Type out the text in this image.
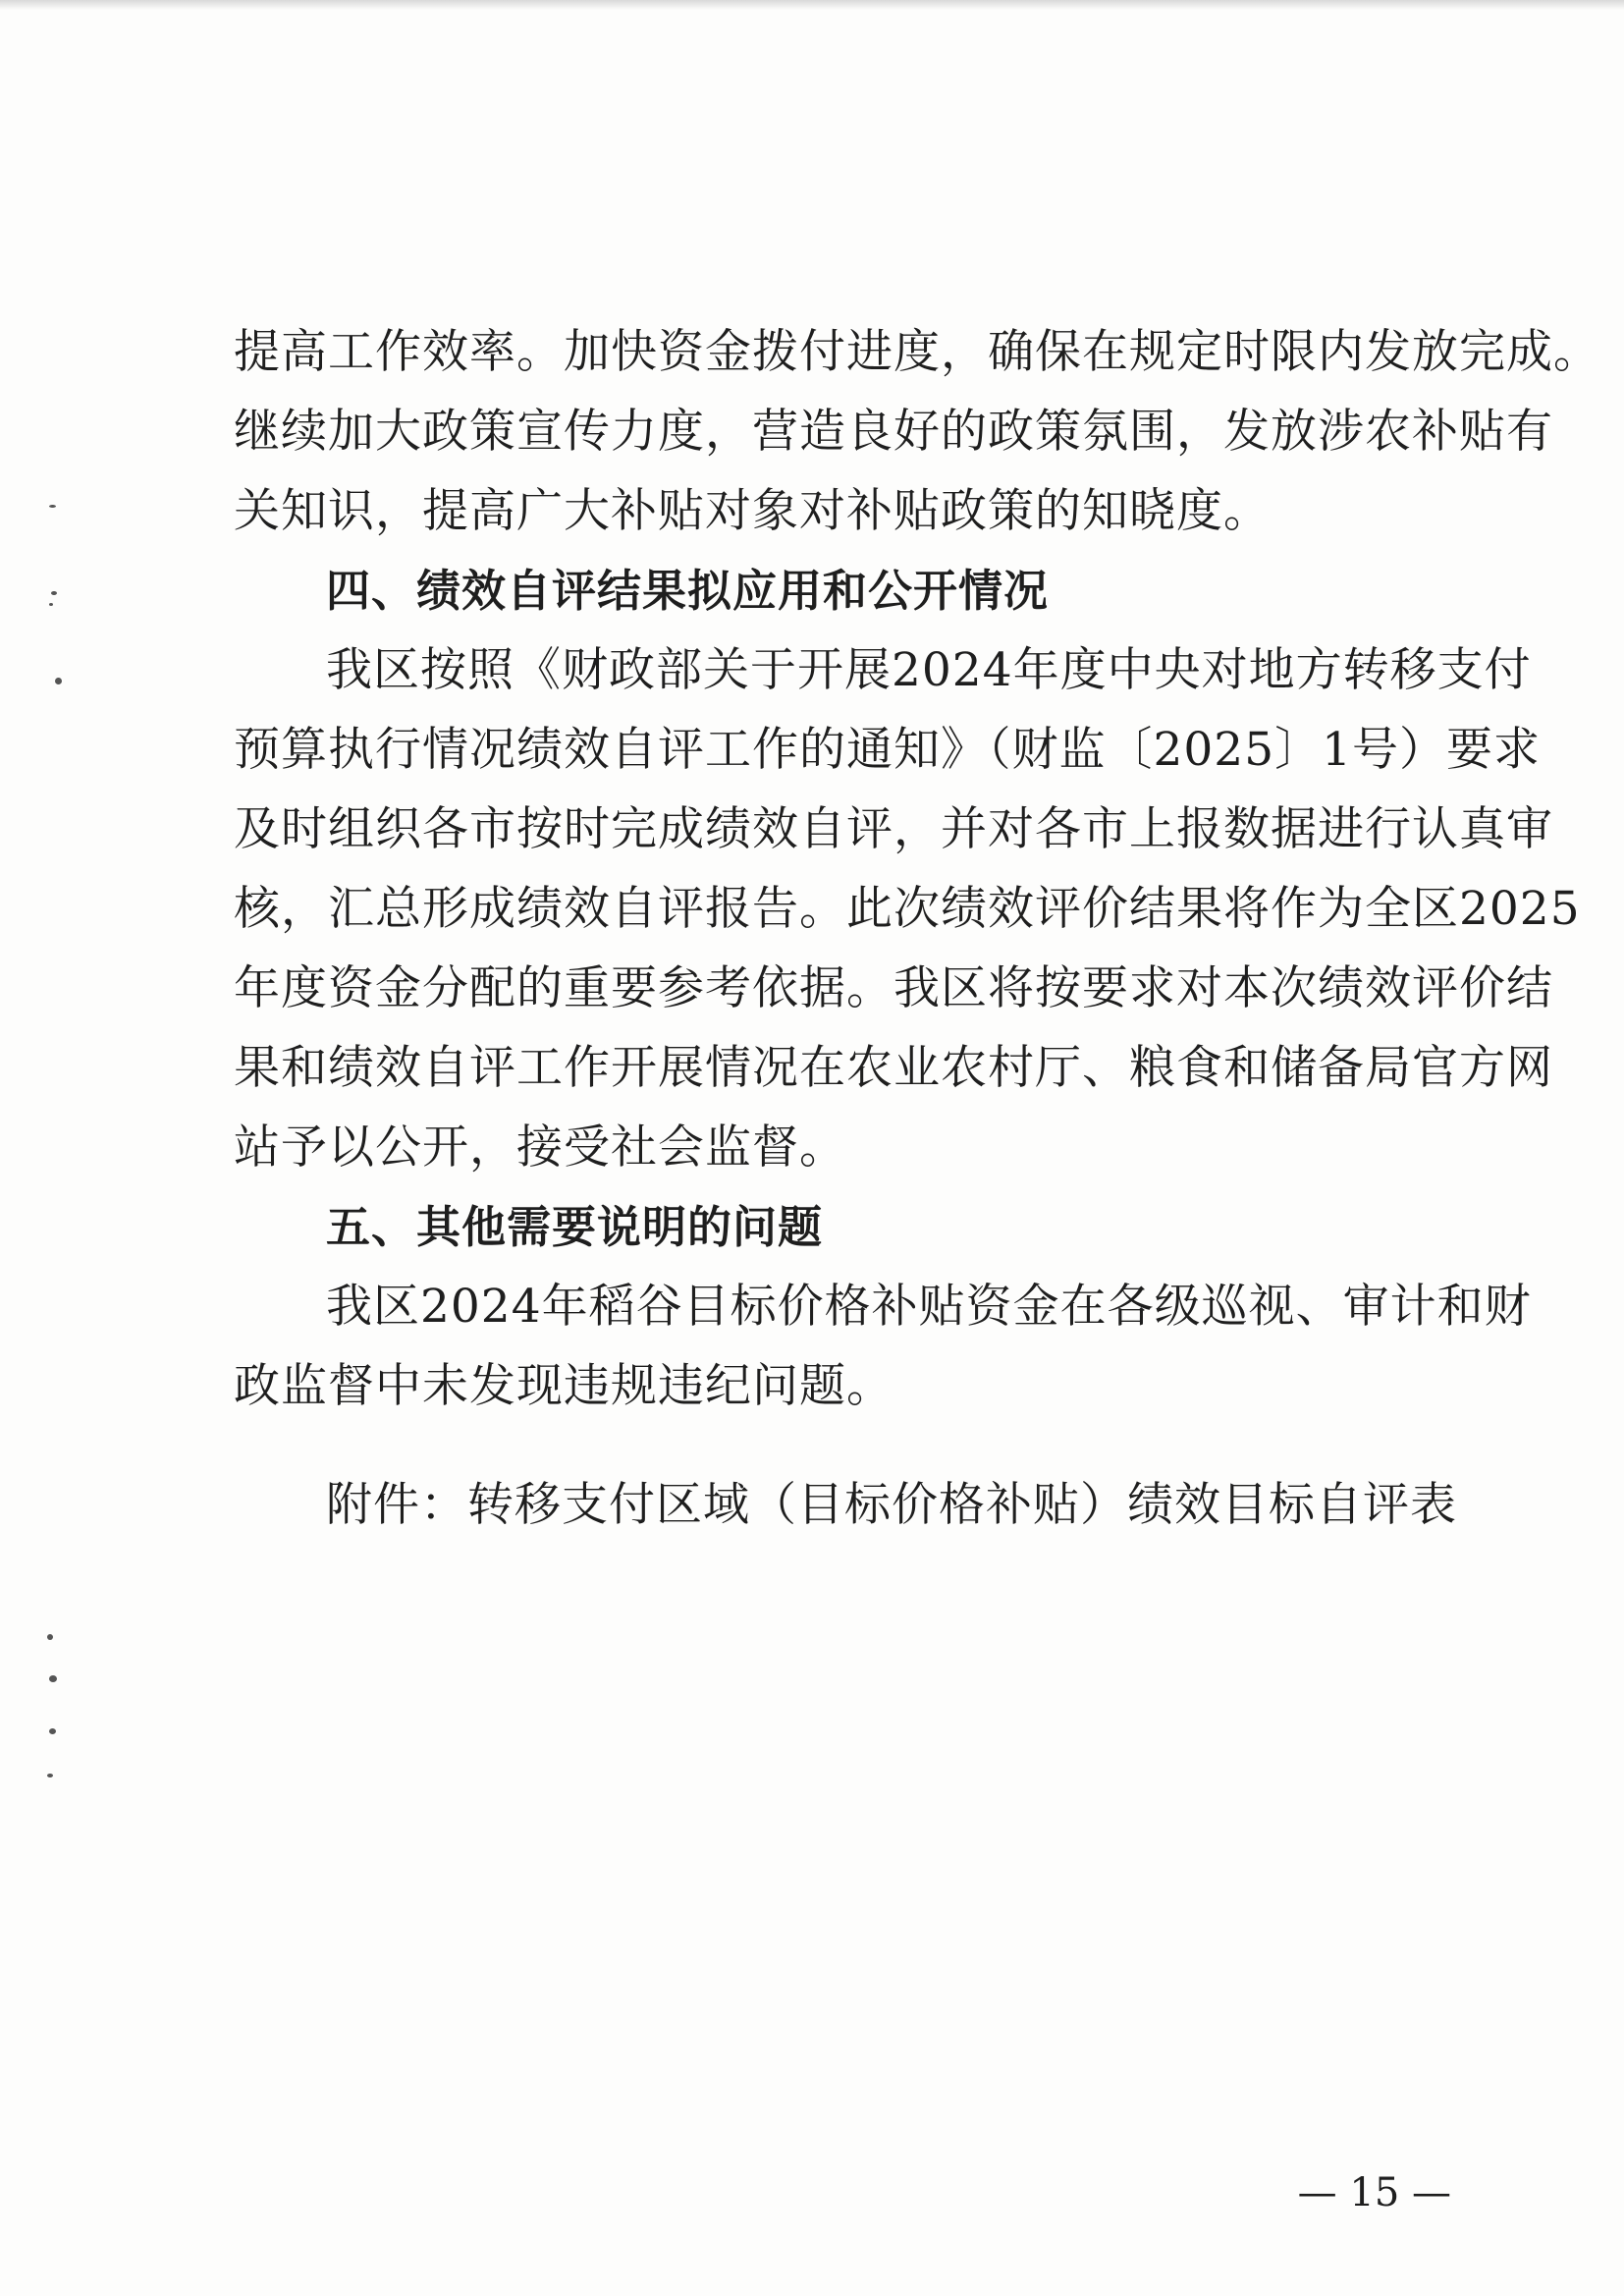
提高工作效率。加快资金拨付进度，确保在规定时限内发放完成。
继续加大政策宣传力度，营造良好的政策氛围，发放涉农补贴有
关知识，提高广大补贴对象对补贴政策的知晓度。
四、绩效自评结果拟应用和公开情况
我区按照《财政部关于开展2024年度中央对地方转移支付
预算执行情况绩效自评工作的通知》（财监〔2025〕1号）要求
及时组织各市按时完成绩效自评，并对各市上报数据进行认真审
核，汇总形成绩效自评报告。此次绩效评价结果将作为全区2025
年度资金分配的重要参考依据。我区将按要求对本次绩效评价结
果和绩效自评工作开展情况在农业农村厅、粮食和储备局官方网
站予以公开，接受社会监督。
五、其他需要说明的问题
我区2024年稻谷目标价格补贴资金在各级巡视、审计和财
政监督中未发现违规违纪问题。
附件：转移支付区域（目标价格补贴）绩效目标自评表
— 15 —
